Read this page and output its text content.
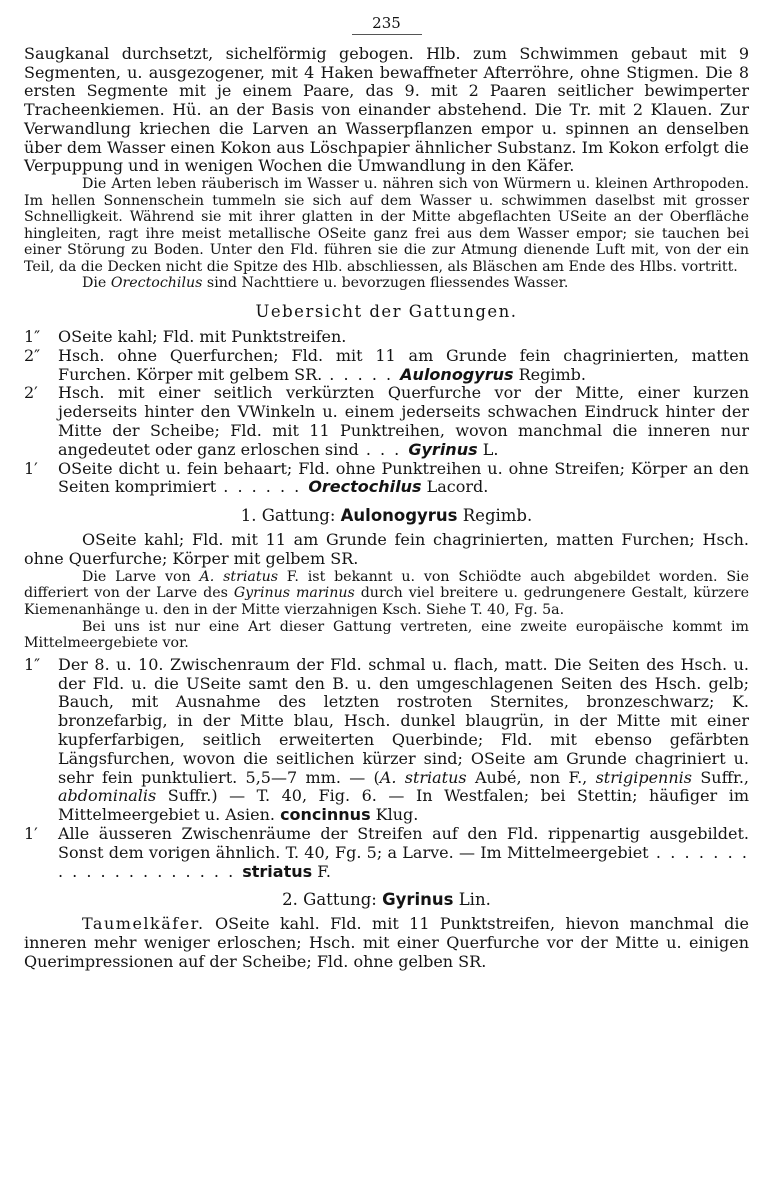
235

Saugkanal durchsetzt, sichelförmig gebogen. Hlb. zum Schwimmen gebaut mit 9 Segmenten, u. ausgezogener, mit 4 Haken bewaffneter Afterröhre, ohne Stigmen. Die 8 ersten Segmente mit je einem Paare, das 9. mit 2 Paaren seitlicher bewimperter Tracheenkiemen. Hü. an der Basis von einander abstehend. Die Tr. mit 2 Klauen. Zur Verwandlung kriechen die Larven an Wasserpflanzen empor u. spinnen an denselben über dem Wasser einen Kokon aus Löschpapier ähnlicher Substanz. Im Kokon erfolgt die Verpuppung und in wenigen Wochen die Umwandlung in den Käfer.

Die Arten leben räuberisch im Wasser u. nähren sich von Würmern u. kleinen Arthropoden. Im hellen Sonnenschein tummeln sie sich auf dem Wasser u. schwimmen daselbst mit grosser Schnelligkeit. Während sie mit ihrer glatten in der Mitte abgeflachten USeite an der Oberfläche hingleiten, ragt ihre meist metallische OSeite ganz frei aus dem Wasser empor; sie tauchen bei einer Störung zu Boden. Unter den Fld. führen sie die zur Atmung dienende Luft mit, von der ein Teil, da die Decken nicht die Spitze des Hlb. abschliessen, als Bläschen am Ende des Hlbs. vortritt.

Die Orectochilus sind Nachttiere u. bevorzugen fliessendes Wasser.

Uebersicht der Gattungen.

1″ OSeite kahl; Fld. mit Punktstreifen.

2″ Hsch. ohne Querfurchen; Fld. mit 11 am Grunde fein chagrinierten, matten Furchen. Körper mit gelbem SR. . . . . . Aulonogyrus Regimb.

2′ Hsch. mit einer seitlich verkürzten Querfurche vor der Mitte, einer kurzen jederseits hinter den VWinkeln u. einem jederseits schwachen Eindruck hinter der Mitte der Scheibe; Fld. mit 11 Punktreihen, wovon manchmal die inneren nur angedeutet oder ganz erloschen sind . . . Gyrinus L.

1′ OSeite dicht u. fein behaart; Fld. ohne Punktreihen u. ohne Streifen; Körper an den Seiten komprimiert . . . . . . Orectochilus Lacord.

1. Gattung: Aulonogyrus Regimb.

OSeite kahl; Fld. mit 11 am Grunde fein chagrinierten, matten Furchen; Hsch. ohne Querfurche; Körper mit gelbem SR.

Die Larve von A. striatus F. ist bekannt u. von Schiödte auch abgebildet worden. Sie differiert von der Larve des Gyrinus marinus durch viel breitere u. gedrungenere Gestalt, kürzere Kiemenanhänge u. den in der Mitte vierzahnigen Ksch. Siehe T. 40, Fg. 5a.

Bei uns ist nur eine Art dieser Gattung vertreten, eine zweite europäische kommt im Mittelmeergebiete vor.

1″ Der 8. u. 10. Zwischenraum der Fld. schmal u. flach, matt. Die Seiten des Hsch. u. der Fld. u. die USeite samt den B. u. den umgeschlagenen Seiten des Hsch. gelb; Bauch, mit Ausnahme des letzten rostroten Sternites, bronzeschwarz; K. bronzefarbig, in der Mitte blau, Hsch. dunkel blaugrün, in der Mitte mit einer kupferfarbigen, seitlich erweiterten Querbinde; Fld. mit ebenso gefärbten Längsfurchen, wovon die seitlichen kürzer sind; OSeite am Grunde chagriniert u. sehr fein punktuliert. 5,5—7 mm. — (A. striatus Aubé, non F., strigipennis Suffr., abdominalis Suffr.) — T. 40, Fig. 6. — In Westfalen; bei Stettin; häufiger im Mittelmeergebiet u. Asien. concinnus Klug.

1′ Alle äusseren Zwischenräume der Streifen auf den Fld. rippenartig ausgebildet. Sonst dem vorigen ähnlich. T. 40, Fg. 5; a Larve. — Im Mittelmeergebiet . . . . . . . . . . . . . . . . . . . . striatus F.

2. Gattung: Gyrinus Lin.

Taumelkäfer. OSeite kahl. Fld. mit 11 Punktstreifen, hievon manchmal die inneren mehr weniger erloschen; Hsch. mit einer Querfurche vor der Mitte u. einigen Querimpressionen auf der Scheibe; Fld. ohne gelben SR.
